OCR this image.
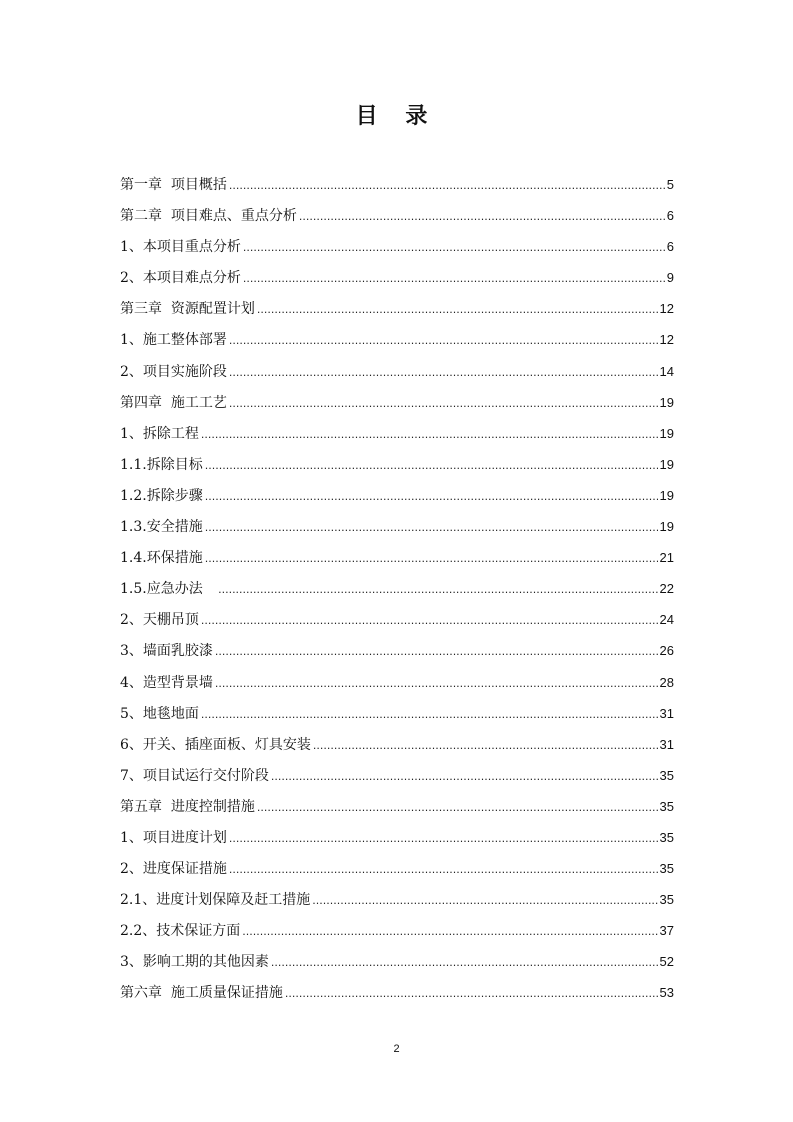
目 录
第一章  项目概括 .....	5
第二章  项目难点、重点分析 .....	6
1、本项目重点分析 .....	6
2、本项目难点分析 .....	9
第三章  资源配置计划 .....	12
1、施工整体部署 .....	12
2、项目实施阶段 .....	14
第四章  施工工艺 .....	19
1、拆除工程 .....	19
1.1.拆除目标 .....	19
1.2.拆除步骤 .....	19
1.3.安全措施 .....	19
1.4.环保措施 .....	21
1.5.应急办法 .....	22
2、天棚吊顶 .....	24
3、墙面乳胶漆 .....	26
4、造型背景墙 .....	28
5、地毯地面 .....	31
6、开关、插座面板、灯具安装 .....	31
7、项目试运行交付阶段 .....	35
第五章  进度控制措施 .....	35
1、项目进度计划 .....	35
2、进度保证措施 .....	35
2.1、进度计划保障及赶工措施 .....	35
2.2、技术保证方面 .....	37
3、影响工期的其他因素 .....	52
第六章  施工质量保证措施 .....	53
2
